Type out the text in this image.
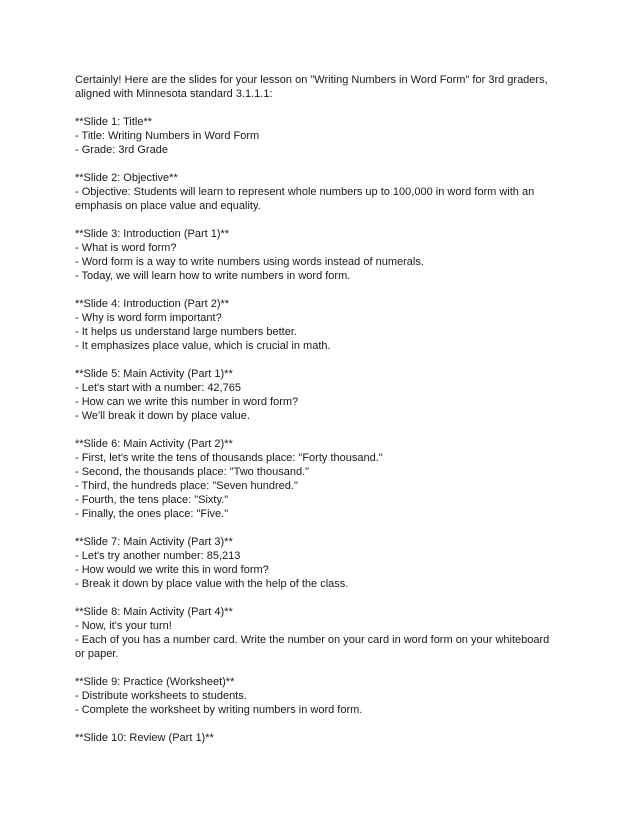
Certainly! Here are the slides for your lesson on "Writing Numbers in Word Form" for 3rd graders, aligned with Minnesota standard 3.1.1.1:

**Slide 1: Title**
- Title: Writing Numbers in Word Form
- Grade: 3rd Grade
**Slide 2: Objective**
- Objective: Students will learn to represent whole numbers up to 100,000 in word form with an emphasis on place value and equality.
**Slide 3: Introduction (Part 1)**
- What is word form?
- Word form is a way to write numbers using words instead of numerals.
- Today, we will learn how to write numbers in word form.
**Slide 4: Introduction (Part 2)**
- Why is word form important?
- It helps us understand large numbers better.
- It emphasizes place value, which is crucial in math.
**Slide 5: Main Activity (Part 1)**
- Let's start with a number: 42,765
- How can we write this number in word form?
- We'll break it down by place value.
**Slide 6: Main Activity (Part 2)**
- First, let's write the tens of thousands place: "Forty thousand."
- Second, the thousands place: "Two thousand."
- Third, the hundreds place: "Seven hundred."
- Fourth, the tens place: "Sixty."
- Finally, the ones place: "Five."
**Slide 7: Main Activity (Part 3)**
- Let's try another number: 85,213
- How would we write this in word form?
- Break it down by place value with the help of the class.
**Slide 8: Main Activity (Part 4)**
- Now, it's your turn!
- Each of you has a number card. Write the number on your card in word form on your whiteboard or paper.
**Slide 9: Practice (Worksheet)**
- Distribute worksheets to students.
- Complete the worksheet by writing numbers in word form.
**Slide 10: Review (Part 1)**
